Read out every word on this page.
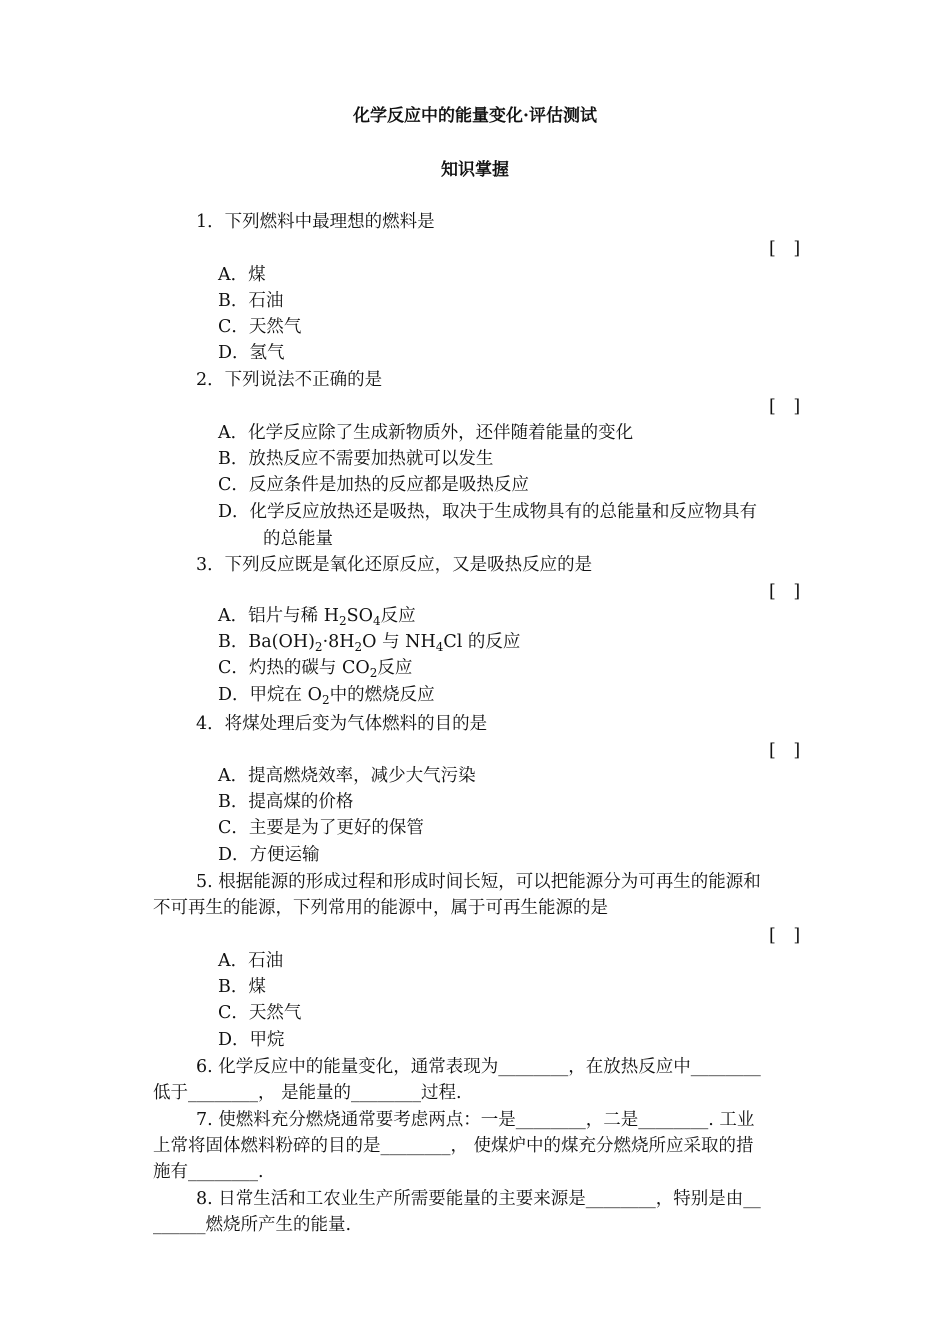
化学反应中的能量变化·评估测试
知识掌握
1．下列燃料中最理想的燃料是
[　]
A．煤
B．石油
C．天然气
D．氢气
2．下列说法不正确的是
[　]
A．化学反应除了生成新物质外，还伴随着能量的变化
B．放热反应不需要加热就可以发生
C．反应条件是加热的反应都是吸热反应
D．化学反应放热还是吸热，取决于生成物具有的总能量和反应物具有
的总能量
3．下列反应既是氧化还原反应，又是吸热反应的是
[　]
A．铝片与稀 $H_2SO_4$反应
B．$Ba(OH)_2\cdot 8H_2O$ 与 $NH_4Cl$ 的反应
C．灼热的碳与 $CO_2$反应
D．甲烷在 $O_2$中的燃烧反应
4．将煤处理后变为气体燃料的目的是
[　]
A．提高燃烧效率，减少大气污染
B．提高煤的价格
C．主要是为了更好的保管
D．方便运输
5. 根据能源的形成过程和形成时间长短，可以把能源分为可再生的能源和
不可再生的能源，下列常用的能源中，属于可再生能源的是
[　]
A．石油
B．煤
C．天然气
D．甲烷
6. 化学反应中的能量变化，通常表现为________，在放热反应中________
低于________， 是能量的________过程.
7. 使燃料充分燃烧通常要考虑两点：一是________，二是________. 工业
上常将固体燃料粉碎的目的是________， 使煤炉中的煤充分燃烧所应采取的措
施有________.
8. 日常生活和工农业生产所需要能量的主要来源是________，特别是由__
______燃烧所产生的能量.
